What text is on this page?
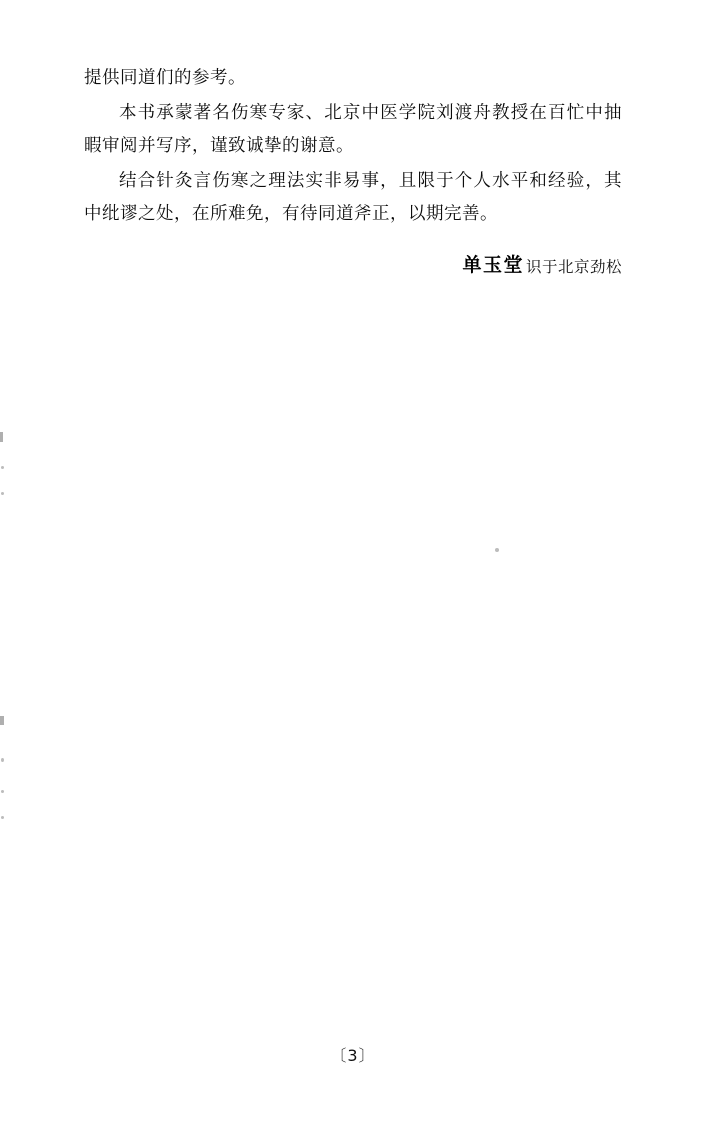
提供同道们的参考。

本书承蒙著名伤寒专家、北京中医学院刘渡舟教授在百忙中抽暇审阅并写序，谨致诚挚的谢意。

结合针灸言伤寒之理法实非易事，且限于个人水平和经验，其中纰谬之处，在所难免，有待同道斧正，以期完善。

单玉堂 识于北京劲松
〔3〕
